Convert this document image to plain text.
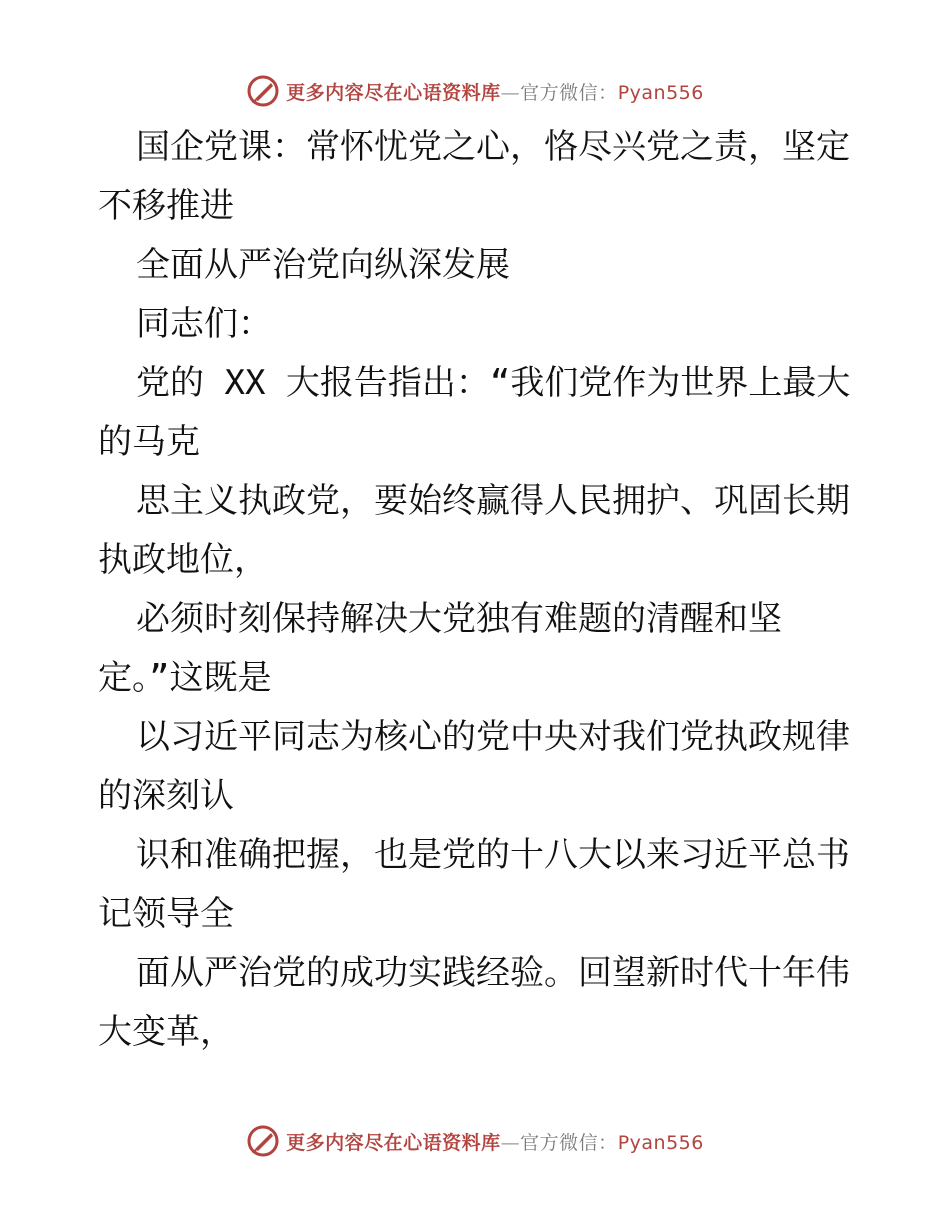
更多内容尽在心语资料库—官方微信：Pyan556
国企党课：常怀忧党之心，恪尽兴党之责，坚定
不移推进
全面从严治党向纵深发展
同志们：
党的 XX 大报告指出：“我们党作为世界上最大
的马克
思主义执政党，要始终赢得人民拥护、巩固长期
执政地位，
必须时刻保持解决大党独有难题的清醒和坚
定。”这既是
以习近平同志为核心的党中央对我们党执政规律
的深刻认
识和准确把握，也是党的十八大以来习近平总书
记领导全
面从严治党的成功实践经验。回望新时代十年伟
大变革，
更多内容尽在心语资料库—官方微信：Pyan556
